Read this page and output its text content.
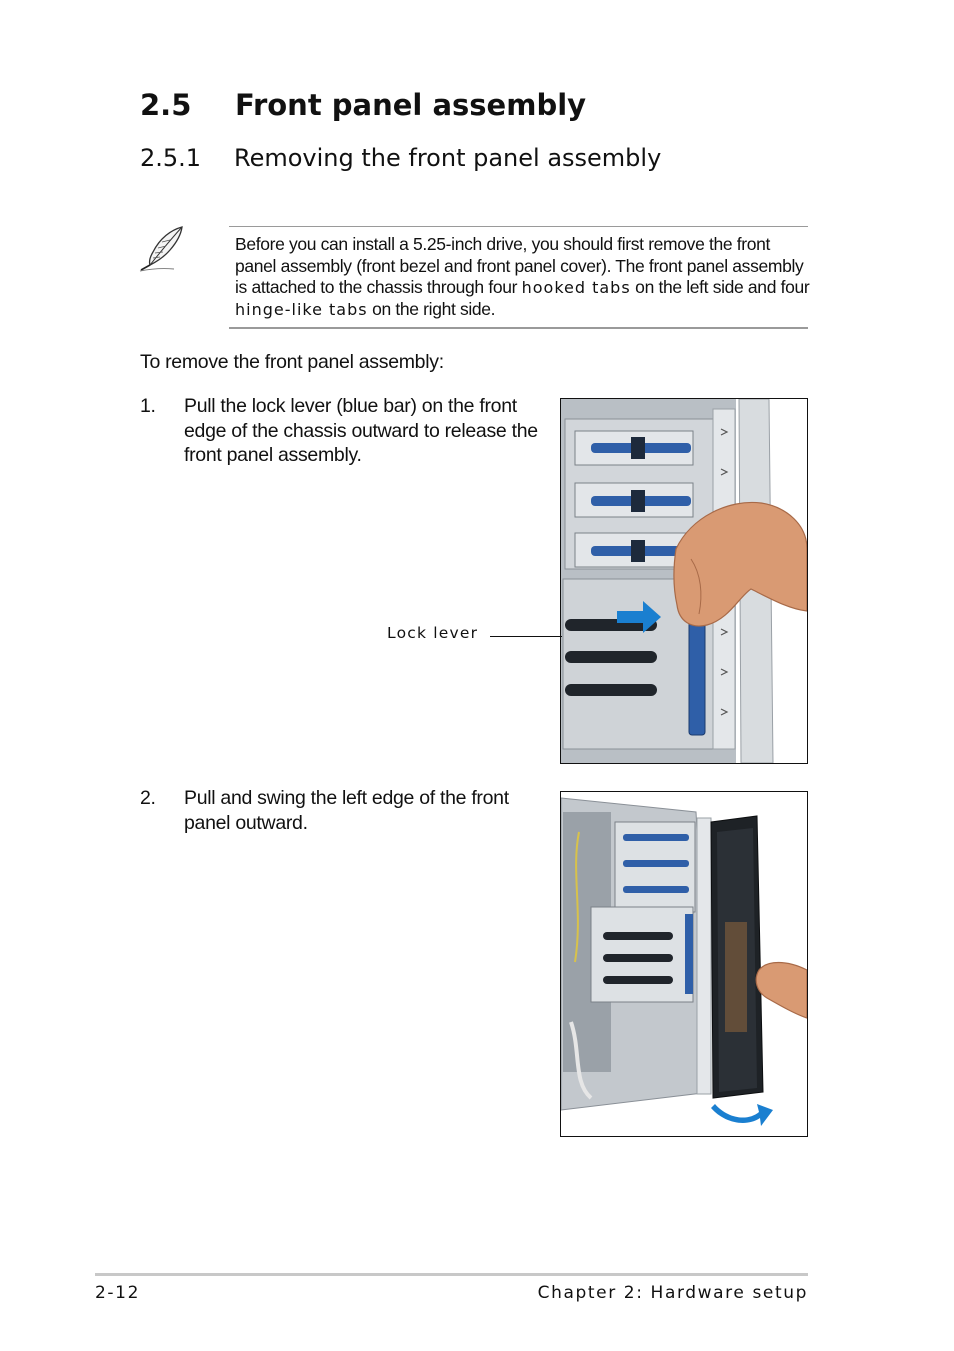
2.5 Front panel assembly
2.5.1 Removing the front panel assembly
Before you can install a 5.25-inch drive, you should first remove the front panel assembly (front bezel and front panel cover). The front panel assembly is attached to the chassis through four hooked tabs on the left side and four hinge-like tabs on the right side.
To remove the front panel assembly:
1. Pull the lock lever (blue bar) on the front edge of the chassis outward to release the front panel assembly.
Lock lever
2. Pull and swing the left edge of the front panel outward.
2-12	Chapter 2: Hardware setup
